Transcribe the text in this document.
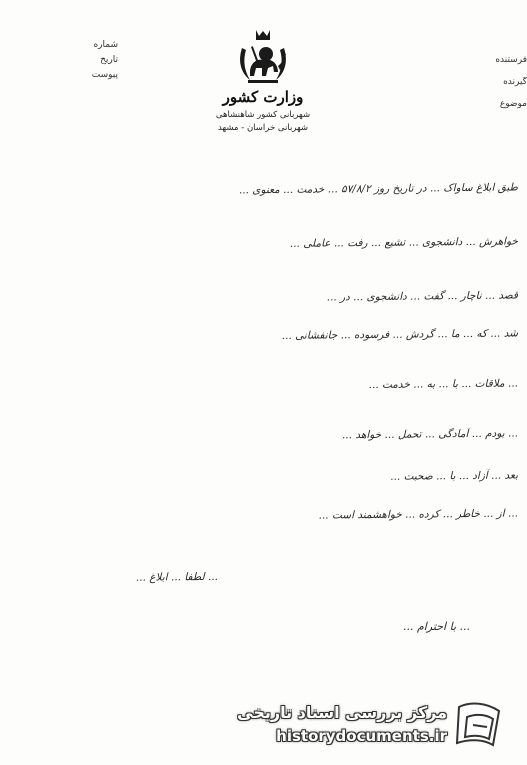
شماره
تاریخ
پیوست
فرستنده
گیرنده
موضوع
وزارت کشور
شهربانی کشور شاهنشاهی
شهربانی خراسان - مشهد
طبق ابلاغ ساواک ... در تاریخ روز ۵۷/۸/۲ ... خدمت ... معنوی ...
خواهرش ... دانشجوی ... تشیع ... رفت ... عاملی ...
قصد ... ناچار ... گفت ... دانشجوی ... در ...
شد ... که ... ما ... گردش ... فرسوده ... جانفشانی ...
... ملاقات ... با ... به ... خدمت ...
... بودم ... آمادگی ... تحمل ... خواهد ...
بعد ... آزاد ... با ... صحبت ...
... از ... خاطر ... کرده ... خواهشمند است ...
... لطفا ... ابلاغ ...
... با احترام ...
مرکز بررسی اسناد تاریخی
historydocuments.ir
